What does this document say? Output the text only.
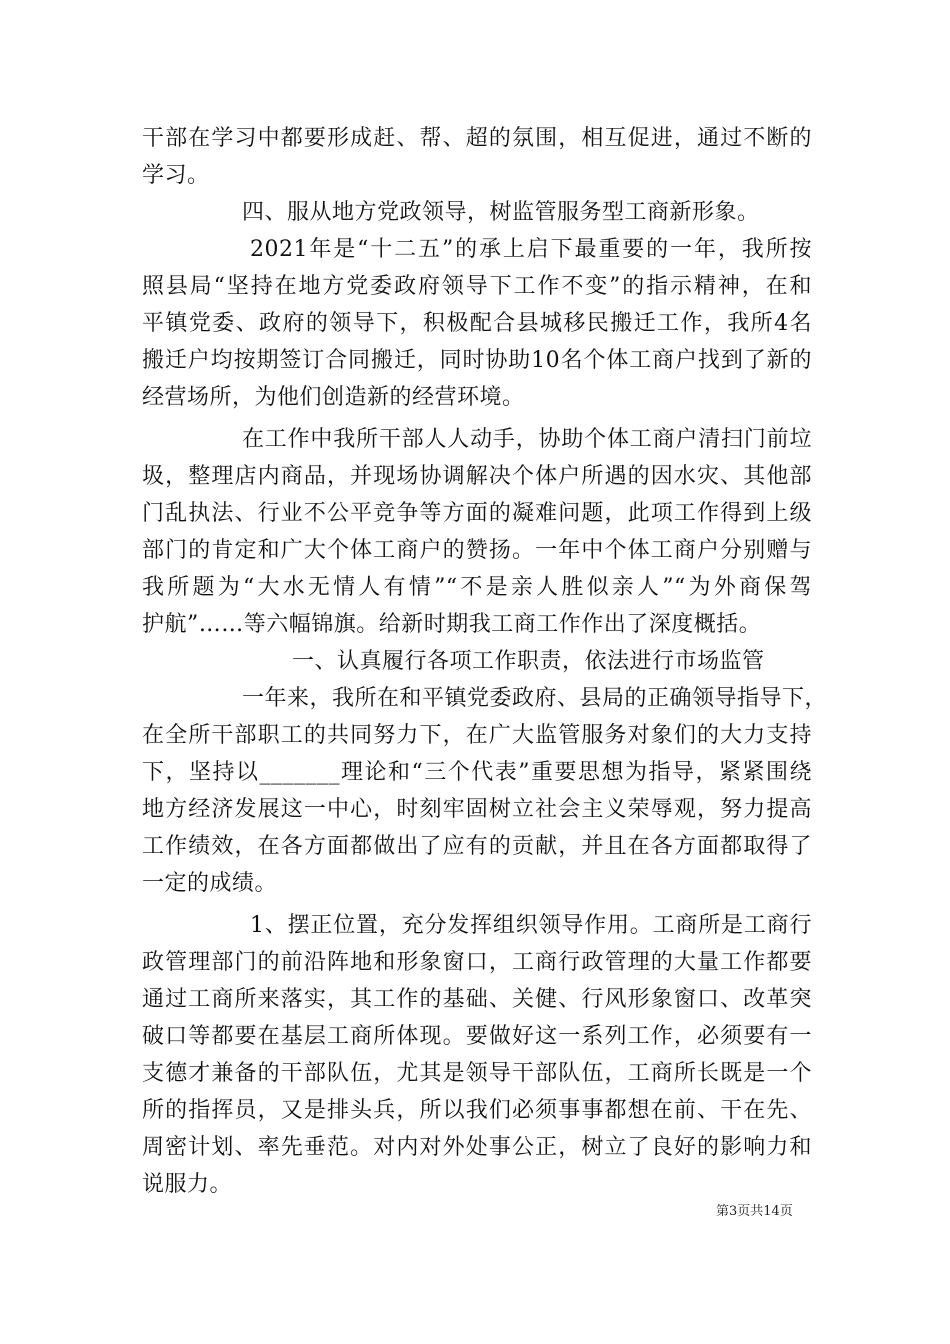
干部在学习中都要形成赶、帮、超的氛围，相互促进，通过不断的
学习。
四、服从地方党政领导，树监管服务型工商新形象。
2021年是“十二五”的承上启下最重要的一年，我所按
照县局“坚持在地方党委政府领导下工作不变”的指示精神，在和
平镇党委、政府的领导下，积极配合县城移民搬迁工作，我所4名
搬迁户均按期签订合同搬迁，同时协助10名个体工商户找到了新的
经营场所，为他们创造新的经营环境。
在工作中我所干部人人动手，协助个体工商户清扫门前垃
圾，整理店内商品，并现场协调解决个体户所遇的因水灾、其他部
门乱执法、行业不公平竞争等方面的凝难问题，此项工作得到上级
部门的肯定和广大个体工商户的赞扬。一年中个体工商户分别赠与
我所题为“大水无情人有情”“不是亲人胜似亲人”“为外商保驾
护航”……等六幅锦旗。给新时期我工商工作作出了深度概括。
一、认真履行各项工作职责，依法进行市场监管
一年来，我所在和平镇党委政府、县局的正确领导指导下，
在全所干部职工的共同努力下，在广大监管服务对象们的大力支持
下，坚持以_______理论和“三个代表”重要思想为指导，紧紧围绕
地方经济发展这一中心，时刻牢固树立社会主义荣辱观，努力提高
工作绩效，在各方面都做出了应有的贡献，并且在各方面都取得了
一定的成绩。
1、摆正位置，充分发挥组织领导作用。工商所是工商行
政管理部门的前沿阵地和形象窗口，工商行政管理的大量工作都要
通过工商所来落实，其工作的基础、关健、行风形象窗口、改革突
破口等都要在基层工商所体现。要做好这一系列工作，必须要有一
支德才兼备的干部队伍，尤其是领导干部队伍，工商所长既是一个
所的指挥员，又是排头兵，所以我们必须事事都想在前、干在先、
周密计划、率先垂范。对内对外处事公正，树立了良好的影响力和
说服力。
第3页共14页
